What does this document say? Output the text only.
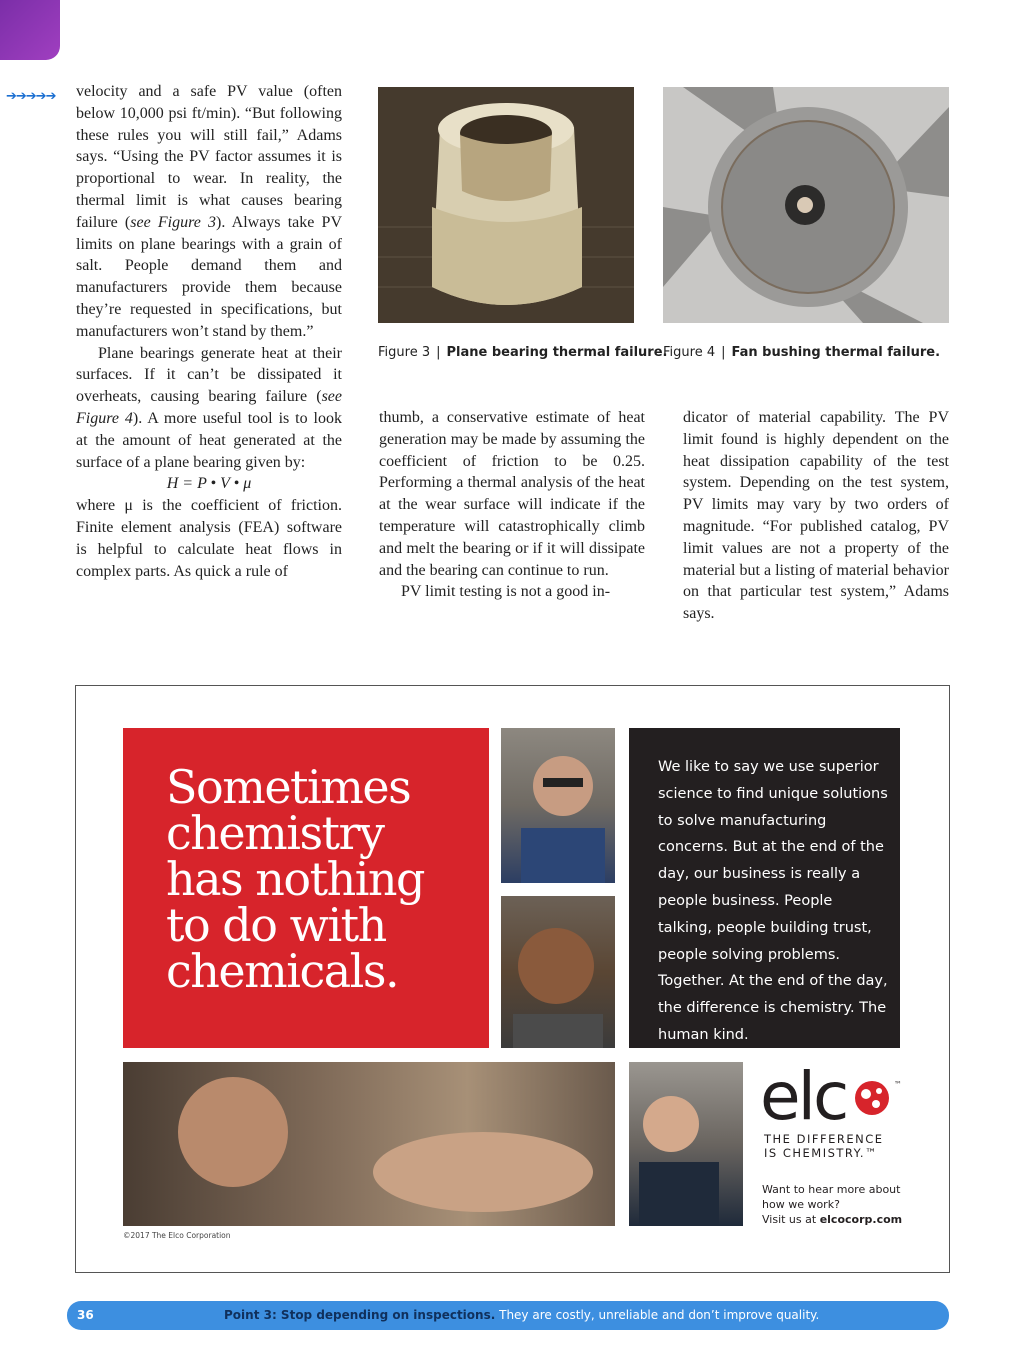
➔➔➔➔➔ velocity and a safe PV value (often below 10,000 psi ft/min). “But following these rules you will still fail,” Adams says. “Using the PV factor assumes it is proportional to wear. In reality, the thermal limit is what causes bearing failure (see Figure 3). Always take PV limits on plane bearings with a grain of salt. People demand them and manufacturers provide them because they’re requested in specifications, but manufacturers won’t stand by them.”

Plane bearings generate heat at their surfaces. If it can’t be dissipated it overheats, causing bearing failure (see Figure 4). A more useful tool is to look at the amount of heat generated at the surface of a plane bearing given by:

H = P • V • μ

where μ is the coefficient of friction. Finite element analysis (FEA) software is helpful to calculate heat flows in complex parts. As quick a rule of

Figure 3 | Plane bearing thermal failure.
Figure 4 | Fan bushing thermal failure.

thumb, a conservative estimate of heat generation may be made by assuming the coefficient of friction to be 0.25. Performing a thermal analysis of the heat at the wear surface will indicate if the temperature will catastrophically climb and melt the bearing or if it will dissipate and the bearing can continue to run.

PV limit testing is not a good in-

dicator of material capability. The PV limit found is highly dependent on the heat dissipation capability of the test system. Depending on the test system, PV limits may vary by two orders of magnitude. “For published catalog, PV limit values are not a property of the material but a listing of material behavior on that particular test system,” Adams says.

Sometimes
chemistry
has nothing
to do with
chemicals.
We like to say we use superior science to find unique solutions to solve manufacturing concerns. But at the end of the day, our business is really a people business. People talking, people building trust, people solving problems. Together. At the end of the day, the difference is chemistry. The human kind.
elc	™
THE DIFFERENCE
IS CHEMISTRY.™
Want to hear more about
how we work?
Visit us at elcocorp.com
©2017 The Elco Corporation
36	Point 3: Stop depending on inspections. They are costly, unreliable and don’t improve quality.
